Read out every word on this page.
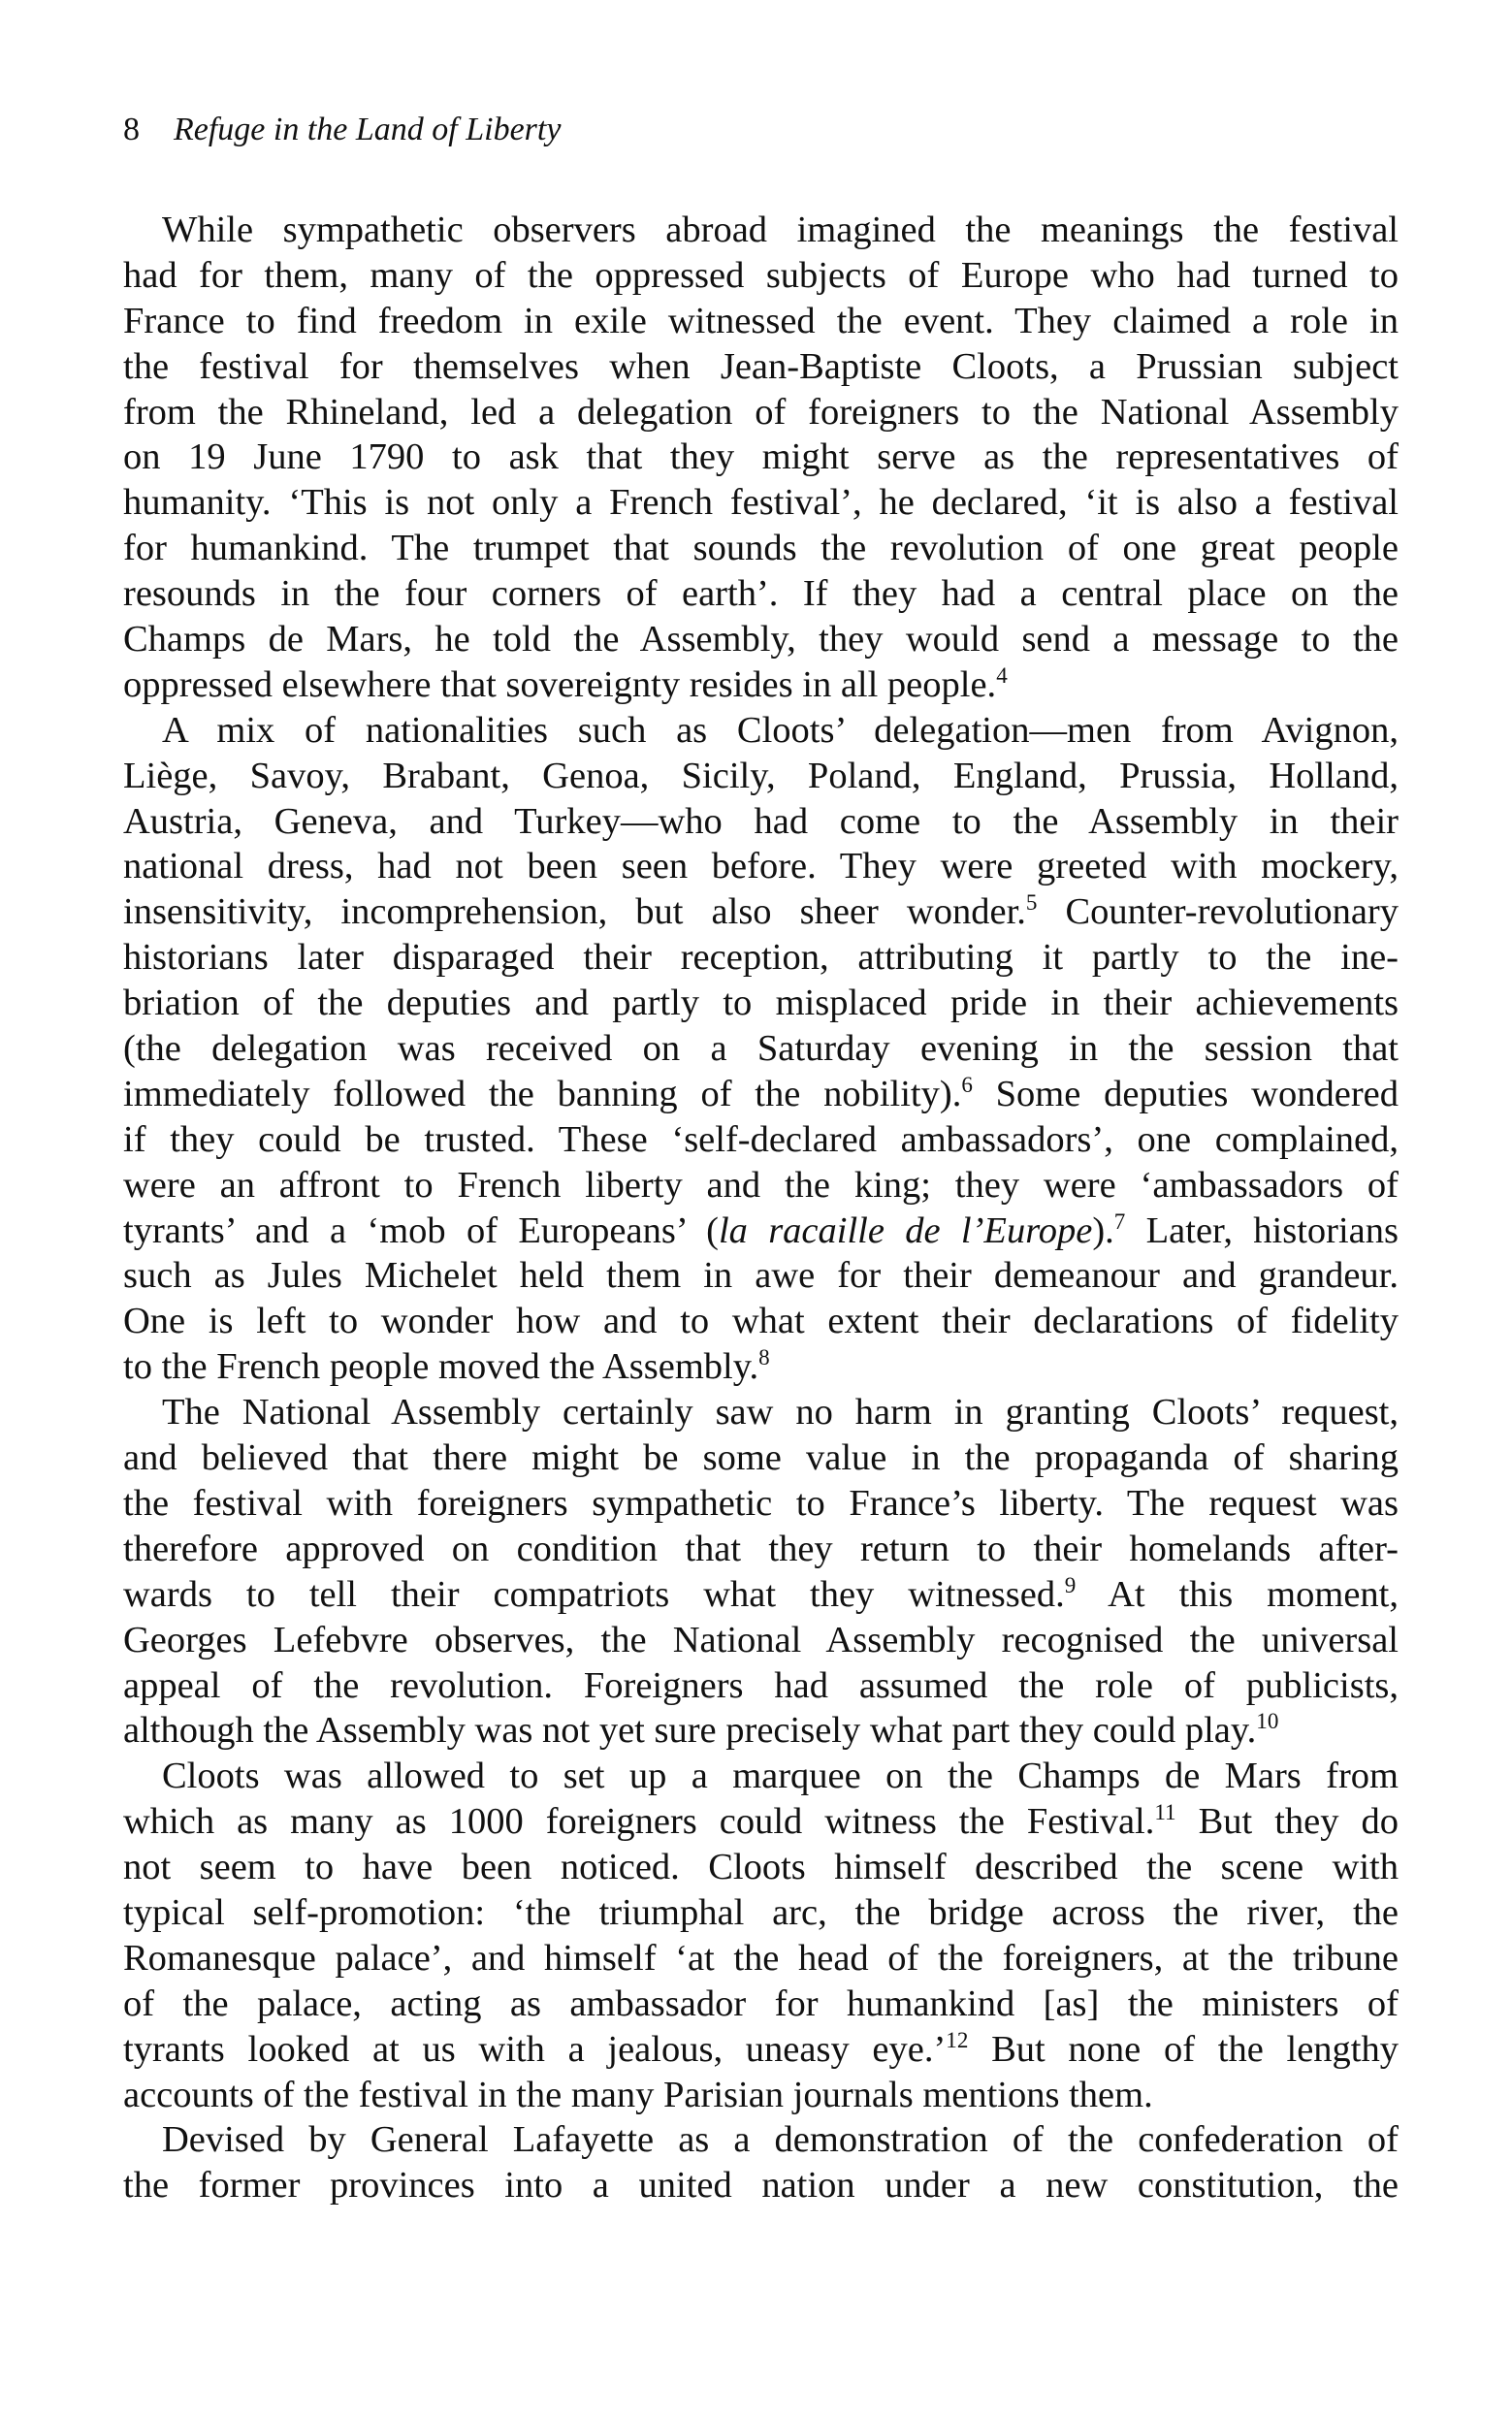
8 Refuge in the Land of Liberty
While sympathetic observers abroad imagined the meanings the festival
had for them, many of the oppressed subjects of Europe who had turned to
France to find freedom in exile witnessed the event. They claimed a role in
the festival for themselves when Jean-Baptiste Cloots, a Prussian subject
from the Rhineland, led a delegation of foreigners to the National Assembly
on 19 June 1790 to ask that they might serve as the representatives of
humanity. ‘This is not only a French festival’, he declared, ‘it is also a festival
for humankind. The trumpet that sounds the revolution of one great people
resounds in the four corners of earth’. If they had a central place on the
Champs de Mars, he told the Assembly, they would send a message to the
oppressed elsewhere that sovereignty resides in all people.$^4$
A mix of nationalities such as Cloots’ delegation—men from Avignon,
Liège, Savoy, Brabant, Genoa, Sicily, Poland, England, Prussia, Holland,
Austria, Geneva, and Turkey—who had come to the Assembly in their
national dress, had not been seen before. They were greeted with mockery,
insensitivity, incomprehension, but also sheer wonder.$^5$ Counter-revolutionary
historians later disparaged their reception, attributing it partly to the ine-
briation of the deputies and partly to misplaced pride in their achievements
(the delegation was received on a Saturday evening in the session that
immediately followed the banning of the nobility).$^6$ Some deputies wondered
if they could be trusted. These ‘self-declared ambassadors’, one complained,
were an affront to French liberty and the king; they were ‘ambassadors of
tyrants’ and a ‘mob of Europeans’ (la racaille de l’Europe).$^7$ Later, historians
such as Jules Michelet held them in awe for their demeanour and grandeur.
One is left to wonder how and to what extent their declarations of fidelity
to the French people moved the Assembly.$^8$
The National Assembly certainly saw no harm in granting Cloots’ request,
and believed that there might be some value in the propaganda of sharing
the festival with foreigners sympathetic to France’s liberty. The request was
therefore approved on condition that they return to their homelands after-
wards to tell their compatriots what they witnessed.$^9$ At this moment,
Georges Lefebvre observes, the National Assembly recognised the universal
appeal of the revolution. Foreigners had assumed the role of publicists,
although the Assembly was not yet sure precisely what part they could play.$^{10}$
Cloots was allowed to set up a marquee on the Champs de Mars from
which as many as 1000 foreigners could witness the Festival.$^{11}$ But they do
not seem to have been noticed. Cloots himself described the scene with
typical self-promotion: ‘the triumphal arc, the bridge across the river, the
Romanesque palace’, and himself ‘at the head of the foreigners, at the tribune
of the palace, acting as ambassador for humankind [as] the ministers of
tyrants looked at us with a jealous, uneasy eye.’$^{12}$ But none of the lengthy
accounts of the festival in the many Parisian journals mentions them.
Devised by General Lafayette as a demonstration of the confederation of
the former provinces into a united nation under a new constitution, the
